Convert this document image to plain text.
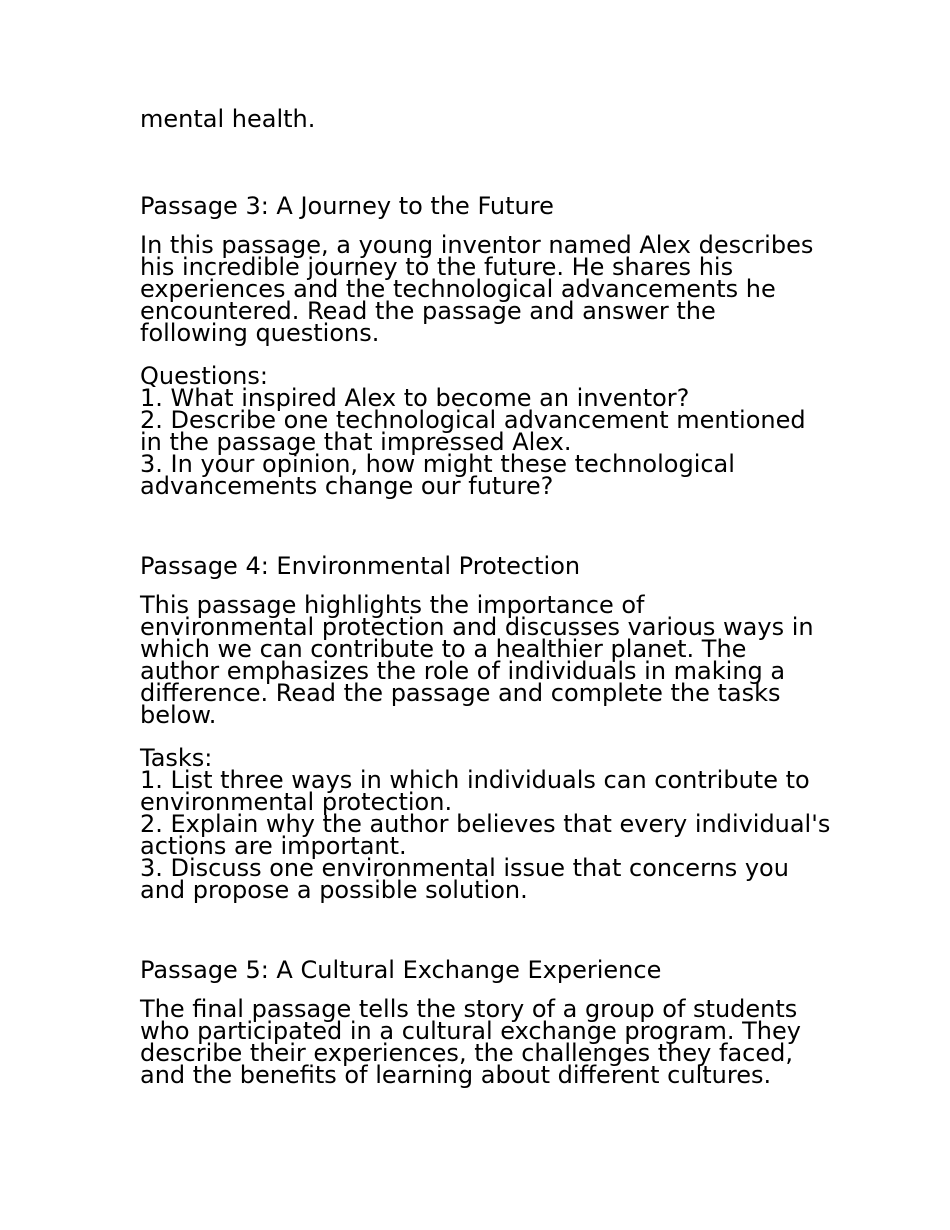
mental health.

Passage 3: A Journey to the Future

In this passage, a young inventor named Alex describes

his incredible journey to the future. He shares his

experiences and the technological advancements he

encountered. Read the passage and answer the

following questions.

Questions:

1. What inspired Alex to become an inventor?

2. Describe one technological advancement mentioned

in the passage that impressed Alex.

3. In your opinion, how might these technological

advancements change our future?

Passage 4: Environmental Protection

This passage highlights the importance of

environmental protection and discusses various ways in

which we can contribute to a healthier planet. The

author emphasizes the role of individuals in making a

difference. Read the passage and complete the tasks

below.

Tasks:

1. List three ways in which individuals can contribute to

environmental protection.

2. Explain why the author believes that every individual's

actions are important.

3. Discuss one environmental issue that concerns you

and propose a possible solution.

Passage 5: A Cultural Exchange Experience

The final passage tells the story of a group of students

who participated in a cultural exchange program. They

describe their experiences, the challenges they faced,

and the benefits of learning about different cultures.
